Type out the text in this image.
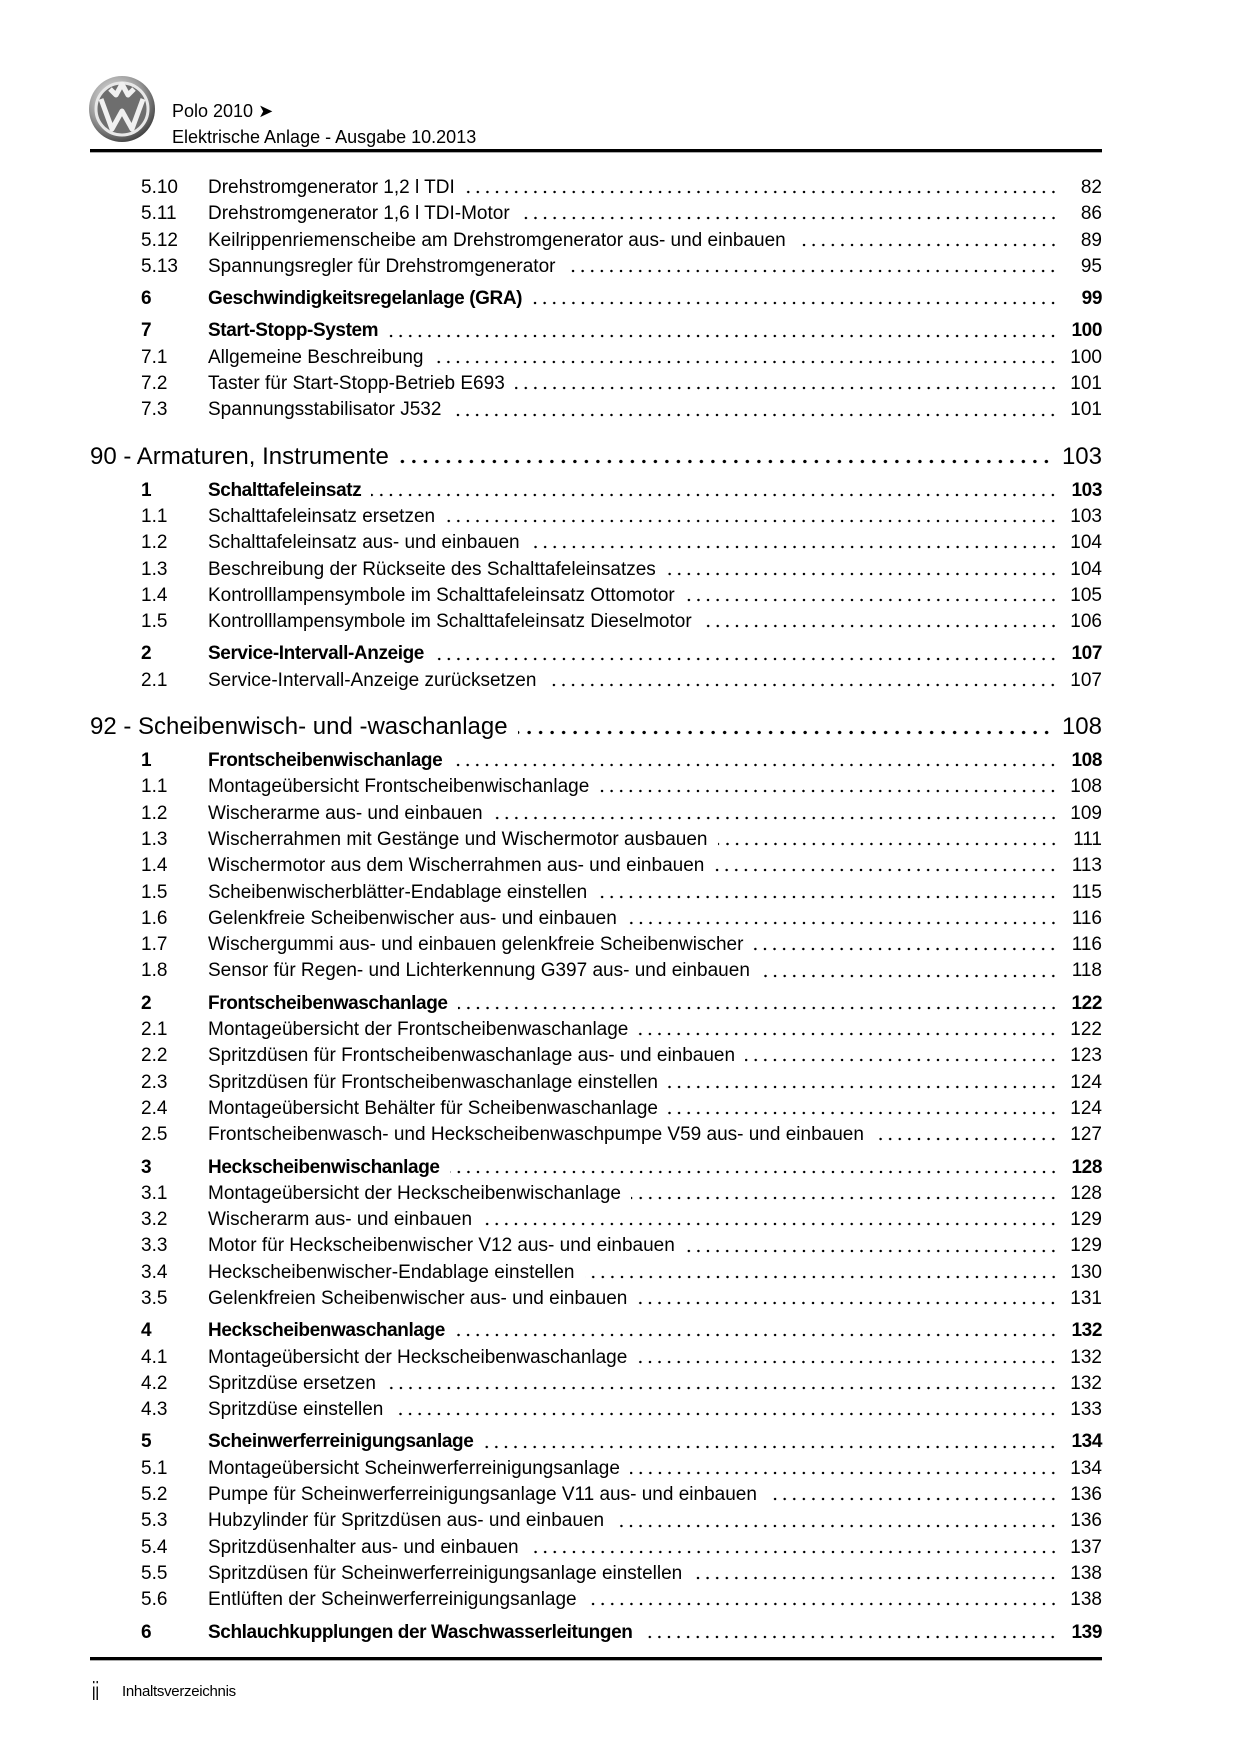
Polo 2010 ➤
Elektrische Anlage - Ausgabe 10.2013
5.10	Drehstromgenerator 1,2 l TDI	82
5.11	Drehstromgenerator 1,6 l TDI-Motor	86
5.12	Keilrippenriemenscheibe am Drehstromgenerator aus- und einbauen	89
5.13	Spannungsregler für Drehstromgenerator	95
6	Geschwindigkeitsregelanlage (GRA)	99
7	Start-Stopp-System	100
7.1	Allgemeine Beschreibung	100
7.2	Taster für Start-Stopp-Betrieb E693	101
7.3	Spannungsstabilisator J532	101
90 - Armaturen, Instrumente	103
1	Schalttafeleinsatz	103
1.1	Schalttafeleinsatz ersetzen	103
1.2	Schalttafeleinsatz aus- und einbauen	104
1.3	Beschreibung der Rückseite des Schalttafeleinsatzes	104
1.4	Kontrolllampensymbole im Schalttafeleinsatz Ottomotor	105
1.5	Kontrolllampensymbole im Schalttafeleinsatz Dieselmotor	106
2	Service-Intervall-Anzeige	107
2.1	Service-Intervall-Anzeige zurücksetzen	107
92 - Scheibenwisch- und -waschanlage	108
1	Frontscheibenwischanlage	108
1.1	Montageübersicht Frontscheibenwischanlage	108
1.2	Wischerarme aus- und einbauen	109
1.3	Wischerrahmen mit Gestänge und Wischermotor ausbauen	111
1.4	Wischermotor aus dem Wischerrahmen aus- und einbauen	113
1.5	Scheibenwischerblätter-Endablage einstellen	115
1.6	Gelenkfreie Scheibenwischer aus- und einbauen	116
1.7	Wischergummi aus- und einbauen gelenkfreie Scheibenwischer	116
1.8	Sensor für Regen- und Lichterkennung G397 aus- und einbauen	118
2	Frontscheibenwaschanlage	122
2.1	Montageübersicht der Frontscheibenwaschanlage	122
2.2	Spritzdüsen für Frontscheibenwaschanlage aus- und einbauen	123
2.3	Spritzdüsen für Frontscheibenwaschanlage einstellen	124
2.4	Montageübersicht Behälter für Scheibenwaschanlage	124
2.5	Frontscheibenwasch- und Heckscheibenwaschpumpe V59 aus- und einbauen	127
3	Heckscheibenwischanlage	128
3.1	Montageübersicht der Heckscheibenwischanlage	128
3.2	Wischerarm aus- und einbauen	129
3.3	Motor für Heckscheibenwischer V12 aus- und einbauen	129
3.4	Heckscheibenwischer-Endablage einstellen	130
3.5	Gelenkfreien Scheibenwischer aus- und einbauen	131
4	Heckscheibenwaschanlage	132
4.1	Montageübersicht der Heckscheibenwaschanlage	132
4.2	Spritzdüse ersetzen	132
4.3	Spritzdüse einstellen	133
5	Scheinwerferreinigungsanlage	134
5.1	Montageübersicht Scheinwerferreinigungsanlage	134
5.2	Pumpe für Scheinwerferreinigungsanlage V11 aus- und einbauen	136
5.3	Hubzylinder für Spritzdüsen aus- und einbauen	136
5.4	Spritzdüsenhalter aus- und einbauen	137
5.5	Spritzdüsen für Scheinwerferreinigungsanlage einstellen	138
5.6	Entlüften der Scheinwerferreinigungsanlage	138
6	Schlauchkupplungen der Waschwasserleitungen	139
ii Inhaltsverzeichnis
